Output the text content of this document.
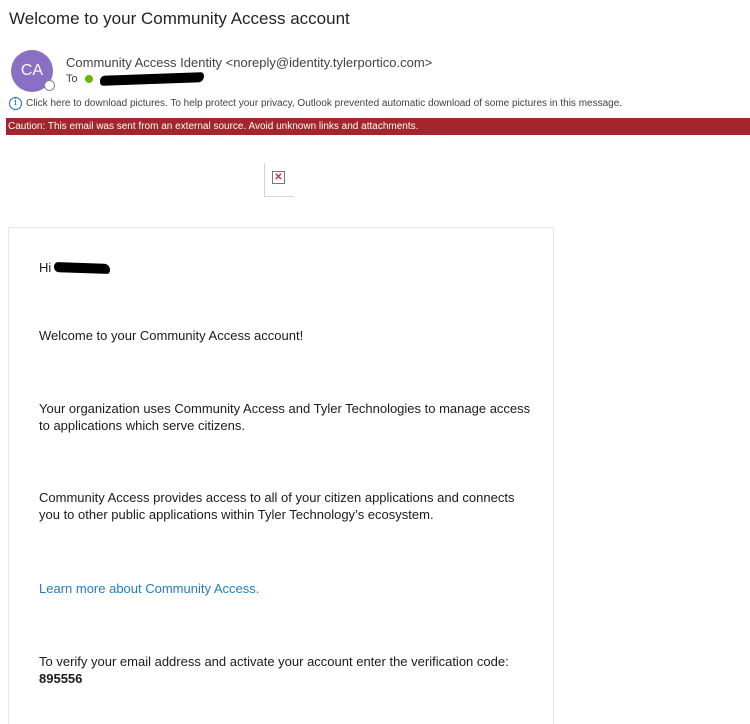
Welcome to your Community Access account
CA Community Access Identity <noreply@identity.tylerportico.com>
To
i Click here to download pictures. To help protect your privacy, Outlook prevented automatic download of some pictures in this message.
Caution: This email was sent from an external source. Avoid unknown links and attachments.
✕
Hi
Welcome to your Community Access account!
Your organization uses Community Access and Tyler Technologies to manage access to applications which serve citizens.
Community Access provides access to all of your citizen applications and connects you to other public applications within Tyler Technology’s ecosystem.
Learn more about Community Access.
To verify your email address and activate your account enter the verification code: 895556
